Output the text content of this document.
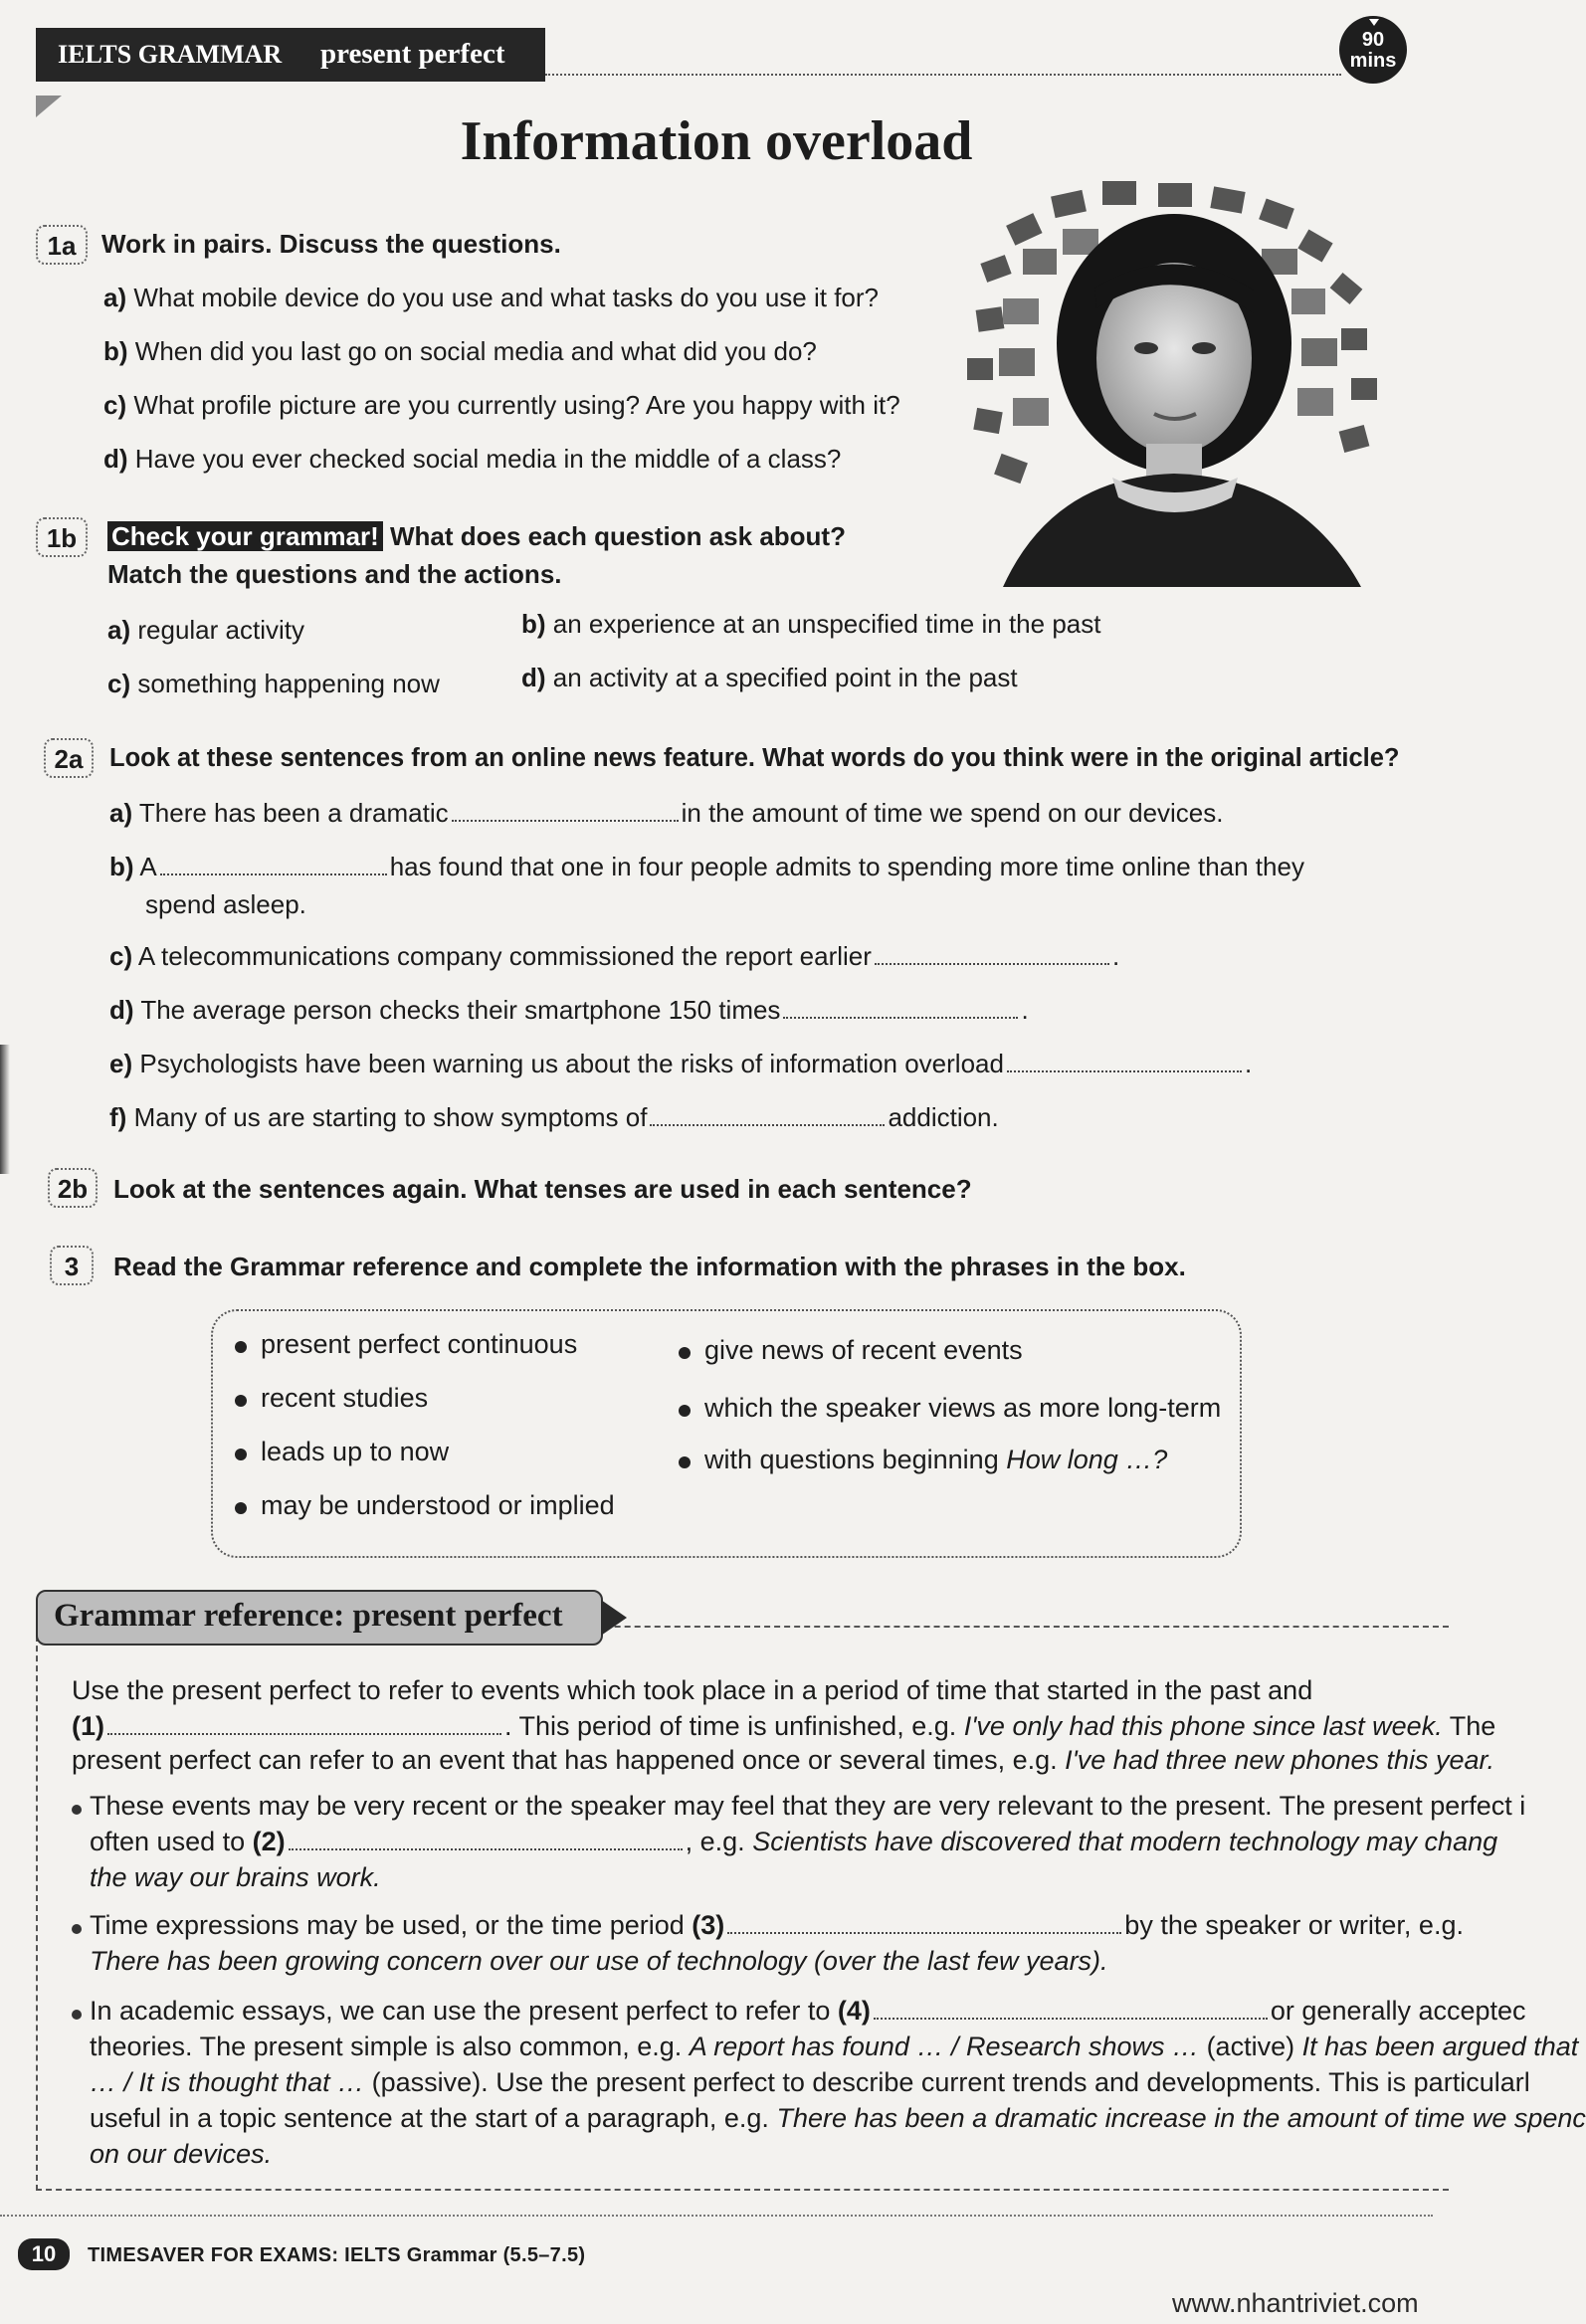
IELTS GRAMMAR present perfect	90
mins
Information overload
1a Work in pairs. Discuss the questions.
a) What mobile device do you use and what tasks do you use it for?
b) When did you last go on social media and what did you do?
c) What profile picture are you currently using? Are you happy with it?
d) Have you ever checked social media in the middle of a class?
1b	Check your grammar! What does each question ask about?
Match the questions and the actions.
a) regular activity	b) an experience at an unspecified time in the past
c) something happening now	d) an activity at a specified point in the past
2a	Look at these sentences from an online news feature. What words do you think were in the original article?
a) There has been a dramatic	in the amount of time we spend on our devices.
b) A	has found that one in four people admits to spending more time online than they
spend asleep.
c) A telecommunications company commissioned the report earlier	.
d) The average person checks their smartphone 150 times	.
e) Psychologists have been warning us about the risks of information overload	.
f) Many of us are starting to show symptoms of	addiction.
2b Look at the sentences again. What tenses are used in each sentence?
3	Read the Grammar reference and complete the information with the phrases in the box.
present perfect continuous
recent studies
leads up to now
may be understood or implied
give news of recent events
which the speaker views as more long-term
with questions beginning How long …?
Grammar reference: present perfect
Use the present perfect to refer to events which took place in a period of time that started in the past and
(1)	. This period of time is unfinished, e.g. I've only had this phone since last week. The
present perfect can refer to an event that has happened once or several times, e.g. I've had three new phones this year.
These events may be very recent or the speaker may feel that they are very relevant to the present. The present perfect i
often used to (2)	, e.g. Scientists have discovered that modern technology may chang
the way our brains work.
Time expressions may be used, or the time period (3)	by the speaker or writer, e.g.
There has been growing concern over our use of technology (over the last few years).
In academic essays, we can use the present perfect to refer to (4)	or generally acceptec
theories. The present simple is also common, e.g. A report has found … / Research shows … (active) It has been argued that
… / It is thought that … (passive). Use the present perfect to describe current trends and developments. This is particularl
useful in a topic sentence at the start of a paragraph, e.g. There has been a dramatic increase in the amount of time we spenc
on our devices.
10	TIMESAVER FOR EXAMS: IELTS Grammar (5.5–7.5)
www.nhantriviet.com
